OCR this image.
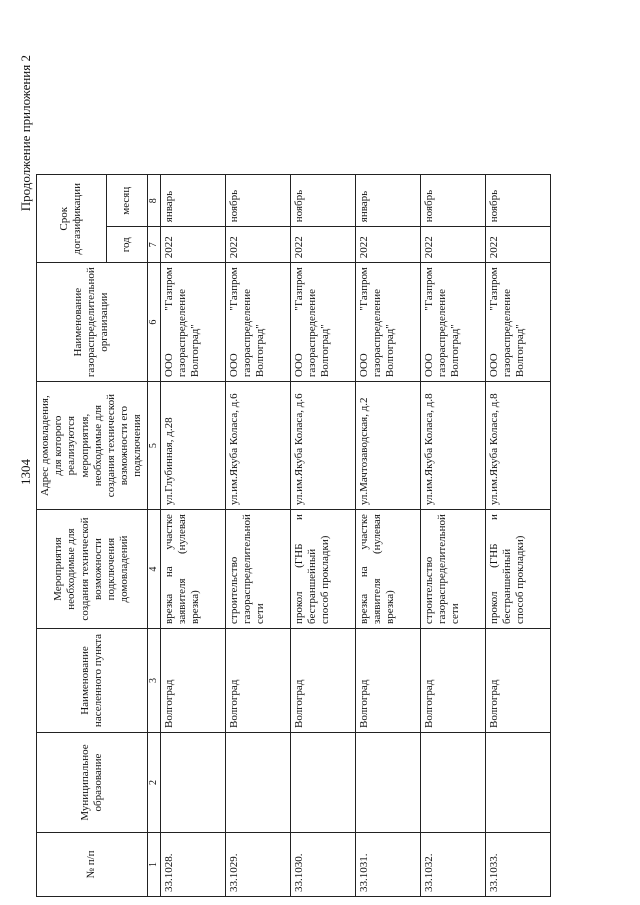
1304
Продолжение приложения 2
№ п/п	Муниципальное образование	Наименование населенного пункта	Мероприятия необходимые для создания технической возможности подключения домовладений	Адрес домовладения, для которого реализуются мероприятия, необходимые для создания технической возможности его подключения	Наименование газораспределительной организации	Срок догазификации	
						год	месяц
1	2	3	4	5	6	7	8
33.1028.		Волгоград	врезка на участке заявителя (нулевая врезка)	ул.Глубинная, д.28	ООО "Газпром газораспределение Волгоград"	2022	январь
33.1029.		Волгоград	строительство газораспределительной сети	ул.им.Якуба Коласа, д.6	ООО "Газпром газораспределение Волгоград"	2022	ноябрь
33.1030.		Волгоград	прокол (ГНБ и бестраншейный способ прокладки)	ул.им.Якуба Коласа, д.6	ООО "Газпром газораспределение Волгоград"	2022	ноябрь
33.1031.		Волгоград	врезка на участке заявителя (нулевая врезка)	ул.Мачтозаводская, д.2	ООО "Газпром газораспределение Волгоград"	2022	январь
33.1032.		Волгоград	строительство газораспределительной сети	ул.им.Якуба Коласа, д.8	ООО "Газпром газораспределение Волгоград"	2022	ноябрь
33.1033.		Волгоград	прокол (ГНБ и бестраншейный способ прокладки)	ул.им.Якуба Коласа, д.8	ООО "Газпром газораспределение Волгоград"	2022	ноябрь
